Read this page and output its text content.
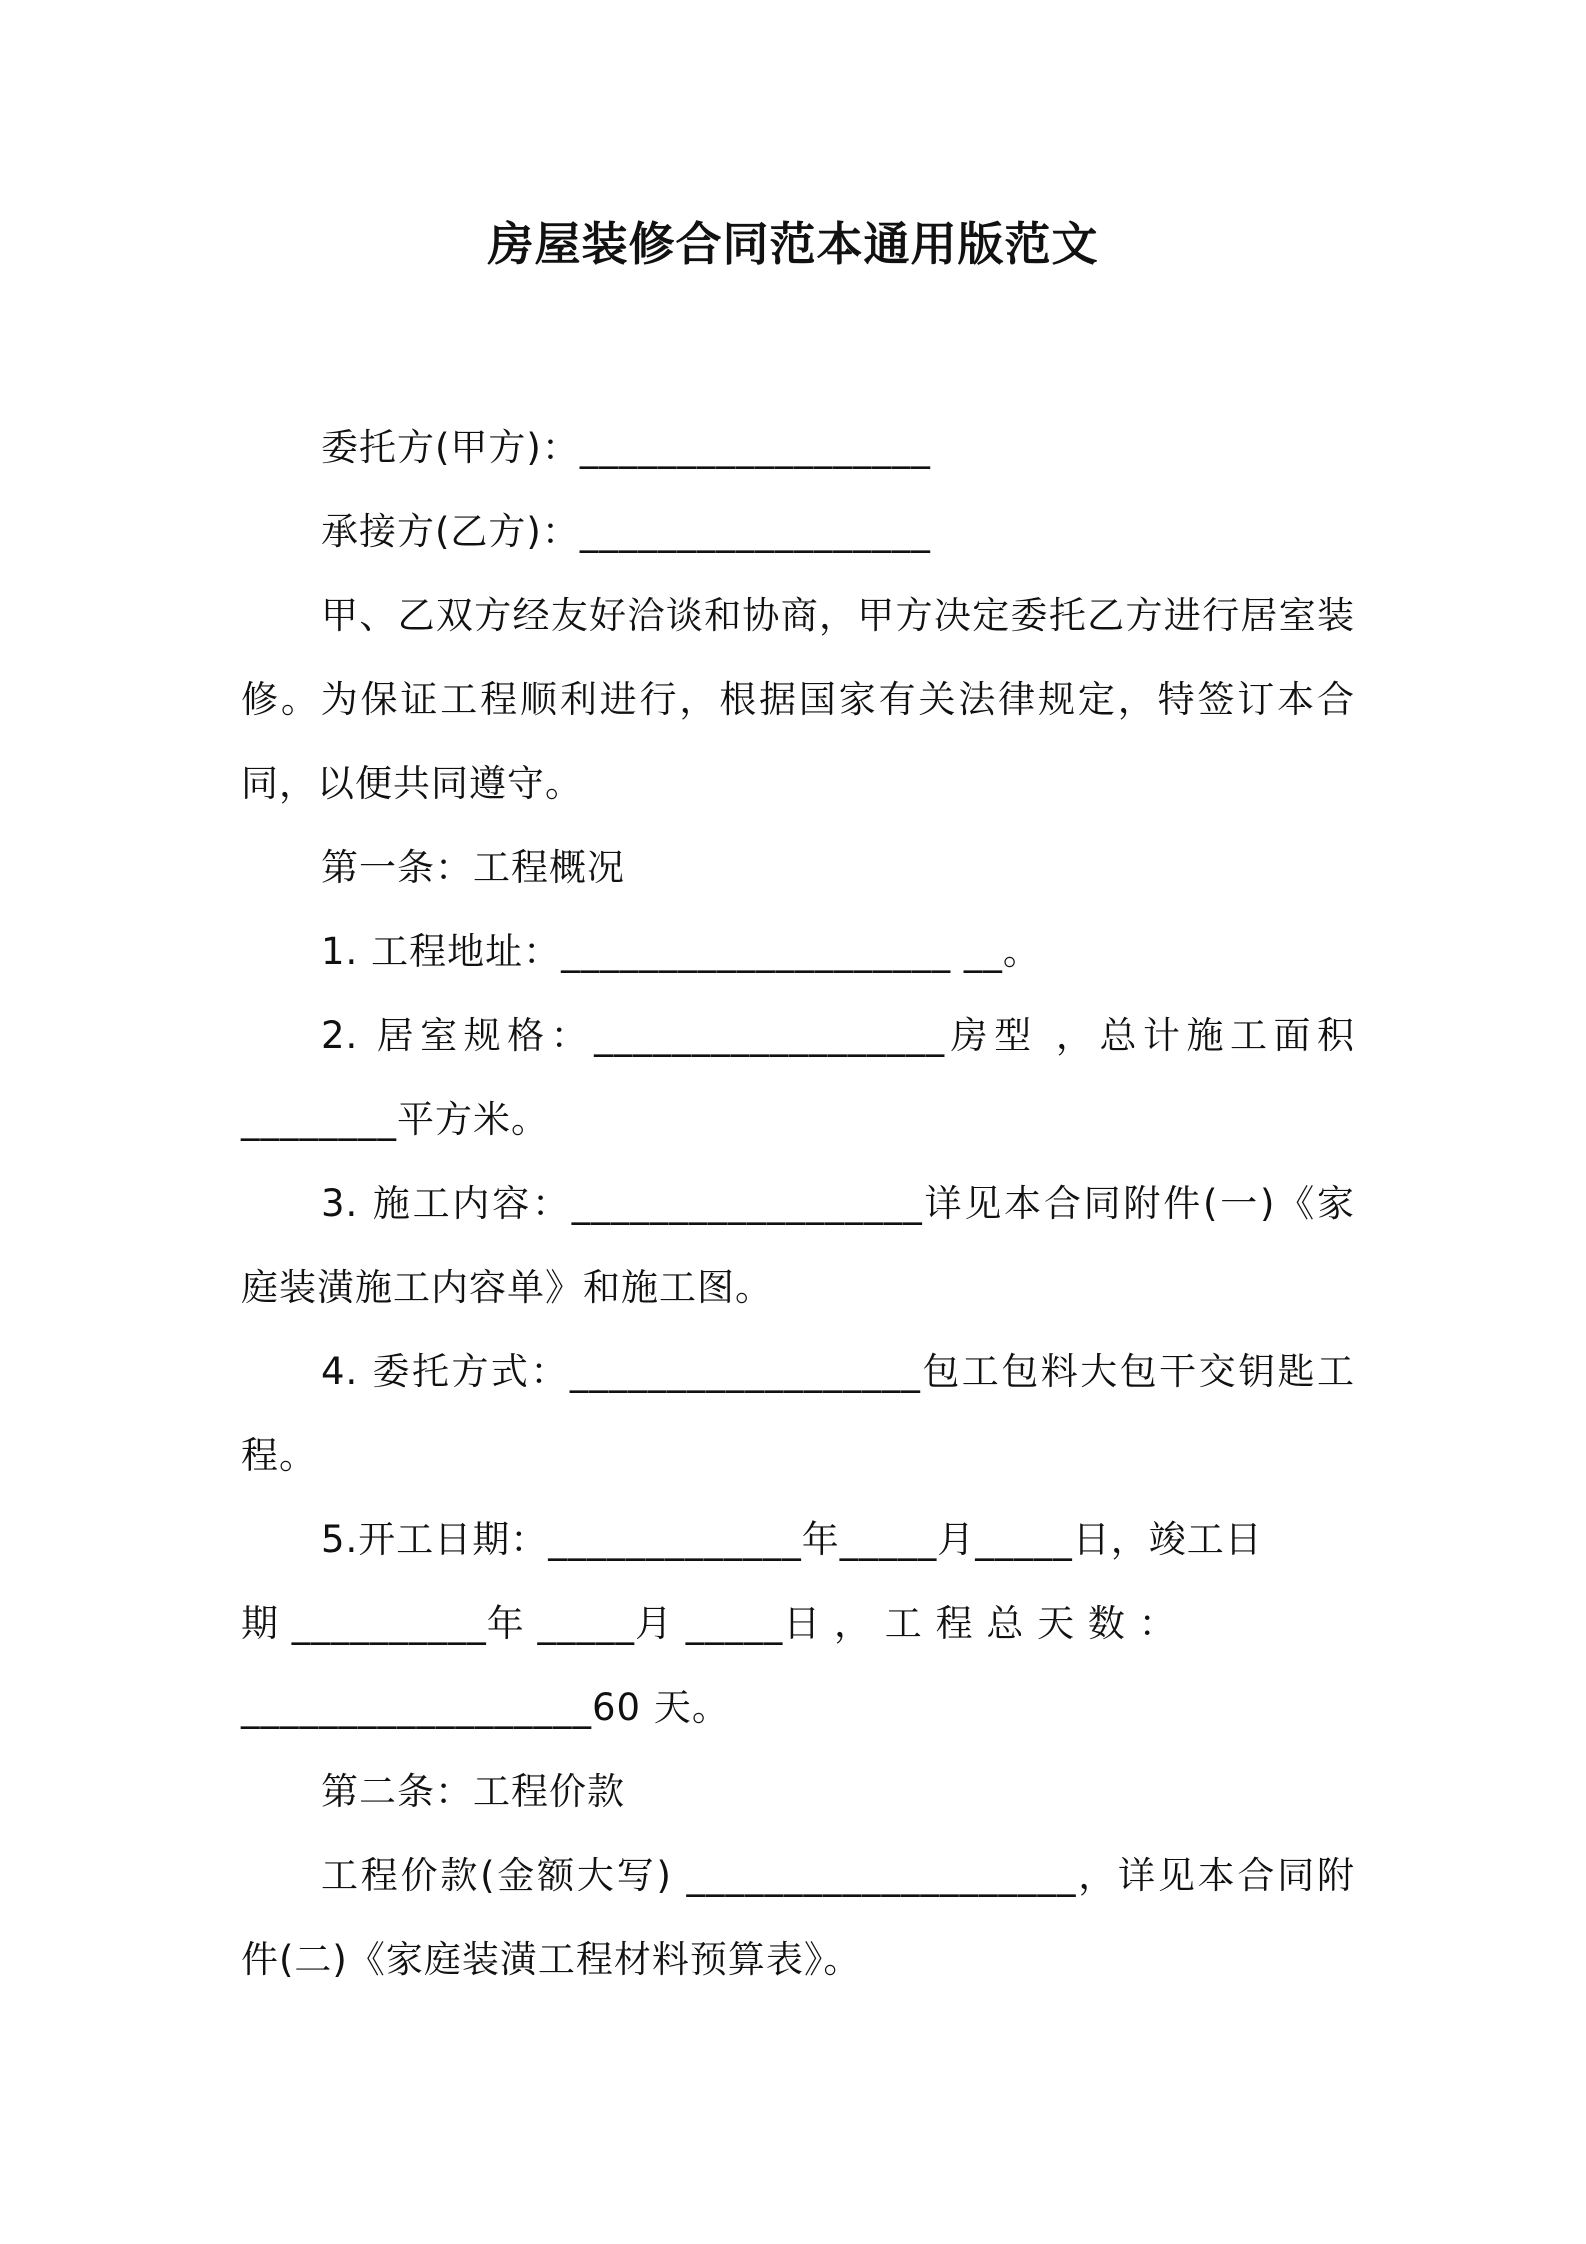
房屋装修合同范本通用版范文

委托方(甲方)：__________________

承接方(乙方)：__________________

甲、乙双方经友好洽谈和协商，甲方决定委托乙方进行居室装修。为保证工程顺利进行，根据国家有关法律规定，特签订本合同，以便共同遵守。

第一条：工程概况

1. 工程地址：____________________ __。

2. 居室规格：__________________房型 ，总计施工面积________平方米。

3. 施工内容：__________________详见本合同附件(一)《家庭装潢施工内容单》和施工图。

4. 委托方式：__________________包工包料大包干交钥匙工程。

5.开工日期：_____________年_____月_____日，竣工日

期 __________年 _____月 _____日 ， 工 程 总 天 数 ：

__________________60 天。

第二条：工程价款

工程价款(金额大写) ____________________，详见本合同附件(二)《家庭装潢工程材料预算表》。
